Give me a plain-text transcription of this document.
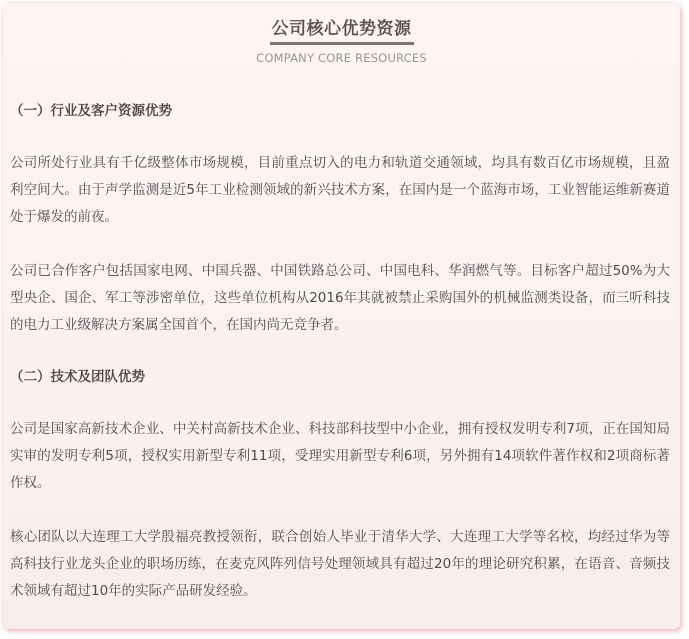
公司核心优势资源
COMPANY CORE RESOURCES

（一）行业及客户资源优势

公司所处行业具有千亿级整体市场规模，目前重点切入的电力和轨道交通领域，均具有数百亿市场规模，且盈利空间大。由于声学监测是近5年工业检测领域的新兴技术方案，在国内是一个蓝海市场，工业智能运维新赛道处于爆发的前夜。

公司已合作客户包括国家电网、中国兵器、中国铁路总公司、中国电科、华润燃气等。目标客户超过50%为大型央企、国企、军工等涉密单位，这些单位机构从2016年其就被禁止采购国外的机械监测类设备，而三听科技的电力工业级解决方案属全国首个，在国内尚无竞争者。

（二）技术及团队优势

公司是国家高新技术企业、中关村高新技术企业、科技部科技型中小企业，拥有授权发明专利7项，正在国知局实审的发明专利5项，授权实用新型专利11项，受理实用新型专利6项，另外拥有14项软件著作权和2项商标著作权。

核心团队以大连理工大学殷福亮教授领衔，联合创始人毕业于清华大学、大连理工大学等名校，均经过华为等高科技行业龙头企业的职场历练，在麦克风阵列信号处理领域具有超过20年的理论研究积累，在语音、音频技术领域有超过10年的实际产品研发经验。
